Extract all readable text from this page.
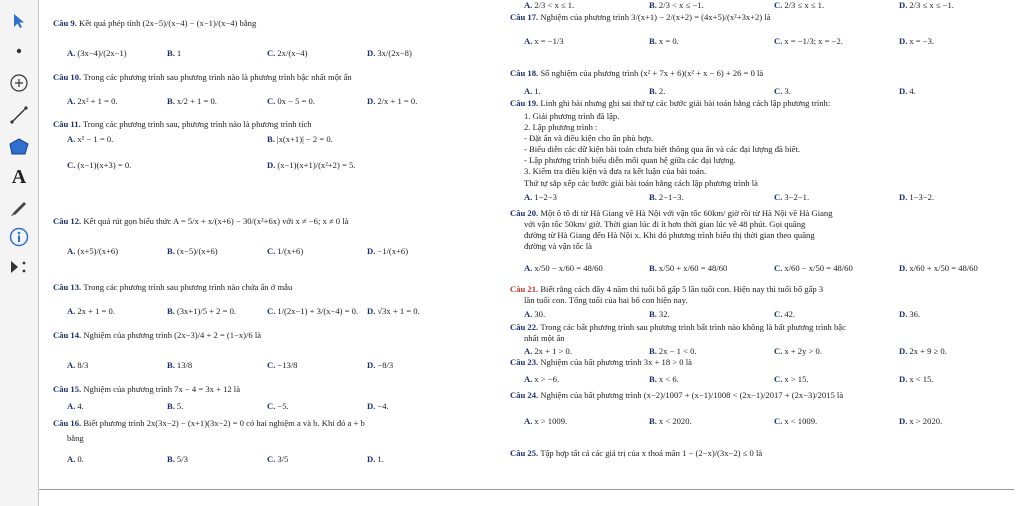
A
Câu 9. Kết quả phép tính (2x−5)/(x−4) − (x−1)/(x−4) bằng
A. (3x−4)/(2x−1)	B. 1	C. 2x/(x−4)	D. 3x/(2x−8)
Câu 10. Trong các phương trình sau phương trình nào là phương trình bậc nhất một ẩn
A. 2x² + 1 = 0.	B. x/2 + 1 = 0.	C. 0x − 5 = 0.	D. 2/x + 1 = 0.
Câu 11. Trong các phương trình sau, phương trình nào là phương trình tích
A. x² − 1 = 0.	B. |x(x+1)| − 2 = 0.
C. (x−1)(x+3) = 0.	D. (x−1)(x+1)/(x²+2) = 5.
Câu 12. Kết quả rút gọn biểu thức A = 5/x + x/(x+6) − 30/(x²+6x) với x ≠ −6; x ≠ 0 là
A. (x+5)/(x+6)	B. (x−5)/(x+6)	C. 1/(x+6)	D. −1/(x+6)
Câu 13. Trong các phương trình sau phương trình nào chứa ẩn ở mẫu
A. 2x + 1 = 0.	B. (3x+1)/5 + 2 = 0.	C. 1/(2x−1) + 3/(x−4) = 0. D. √3x + 1 = 0.
Câu 14. Nghiệm của phương trình (2x−3)/4 + 2 = (1−x)/6 là
A. 8/3	B. 13/8	C. −13/8	D. −8/3
Câu 15. Nghiệm của phương trình 7x − 4 = 3x + 12 là
A. 4.	B. 5.	C. −5.	D. −4.
Câu 16. Biết phương trình 2x(3x−2) − (x+1)(3x−2) = 0 có hai nghiệm a và b. Khi đó a + b
bằng
A. 0.	B. 5/3	C. 3/5	D. 1.
Câu 17. Nghiệm của phương trình 3/(x+1) − 2/(x+2) = (4x+5)/(x²+3x+2) là
A. x = −1/3	B. x = 0.	C. x = −1/3; x = −2.	D. x = −3.
Câu 18. Số nghiệm của phương trình (x² + 7x + 6)(x² + x − 6) + 26 = 0 là
A. 1.	B. 2.	C. 3.	D. 4.
Câu 19. Linh ghi bài nhưng ghi sai thứ tự các bước giải bài toán bằng cách lập phương trình:
1. Giải phương trình đã lập.
2. Lập phương trình :
- Đặt ẩn và điều kiện cho ẩn phù hợp.
- Biểu diễn các dữ kiện bài toán chưa biết thông qua ẩn và các đại lượng đã biết.
- Lập phương trình biểu diễn mối quan hệ giữa các đại lượng.
3. Kiểm tra điều kiện và đưa ra kết luận của bài toán.
Thứ tự sắp xếp các bước giải bài toán bằng cách lập phương trình là
A. 1−2−3	B. 2−1−3.	C. 3−2−1.	D. 1−3−2.
Câu 20. Một ô tô đi từ Hà Giang về Hà Nội với vận tốc 60km/ giờ rồi từ Hà Nội về Hà Giang
với vận tốc 50km/ giờ. Thời gian lúc đi ít hơn thời gian lúc về 48 phút. Gọi quãng
đường từ Hà Giang đến Hà Nội x. Khi đó phương trình biểu thị thời gian theo quãng
đường và vận tốc là
A. x/50 − x/60 = 48/60	B. x/50 + x/60 = 48/60	C. x/60 − x/50 = 48/60	D. x/60 + x/50 = 48/60
Câu 21. Biết rằng cách đây 4 năm thì tuổi bố gấp 5 lần tuổi con. Hiện nay thì tuổi bố gấp 3
lần tuổi con. Tổng tuổi của hai bố con hiện nay.
A. 30.	B. 32.	C. 42.	D. 36.
Câu 22. Trong các bất phương trình sau phương trình bất trình nào không là bất phương trình bậc
nhất một ẩn
A. 2x + 1 > 0.	B. 2x − 1 < 0.	C. x + 2y > 0.	D. 2x + 9 ≥ 0.
Câu 23. Nghiệm của bất phương trình 3x + 18 > 0 là
A. x > −6.	B. x < 6.	C. x > 15.	D. x < 15.
Câu 24. Nghiệm của bất phương trình (x−2)/1007 + (x−1)/1008 < (2x−1)/2017 + (2x−3)/2015 là
A. x > 1009.	B. x < 2020.	C. x < 1009.	D. x > 2020.
Câu 25. Tập hợp tất cả các giá trị của x thoả mãn 1 − (2−x)/(3x−2) ≤ 0 là
A. 2/3 < x ≤ 1.	B. 2/3 < x ≤ −1.	C. 2/3 ≤ x ≤ 1.	D. 2/3 ≤ x ≤ −1.
